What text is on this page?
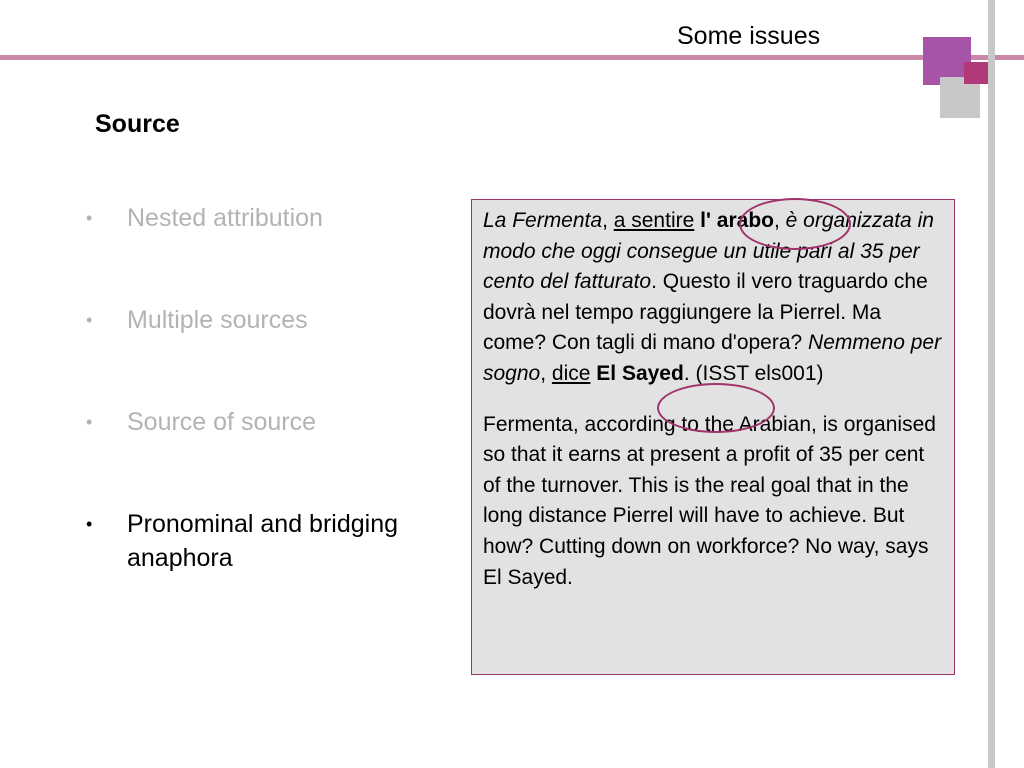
Some issues
Source
•	Nested attribution
•	Multiple sources
•	Source of source
•	Pronominal and bridging anaphora

La Fermenta, a sentire l' arabo, è organizzata in modo che oggi consegue un utile pari al 35 per cento del fatturato. Questo il vero traguardo che dovrà nel tempo raggiungere la Pierrel. Ma come? Con tagli di mano d'opera? Nemmeno per sogno, dice El Sayed. (ISST els001)

Fermenta, according to the Arabian, is organised so that it earns at present a profit of 35 per cent of the turnover. This is the real goal that in the long distance Pierrel will have to achieve. But how? Cutting down on workforce? No way, says El Sayed.
